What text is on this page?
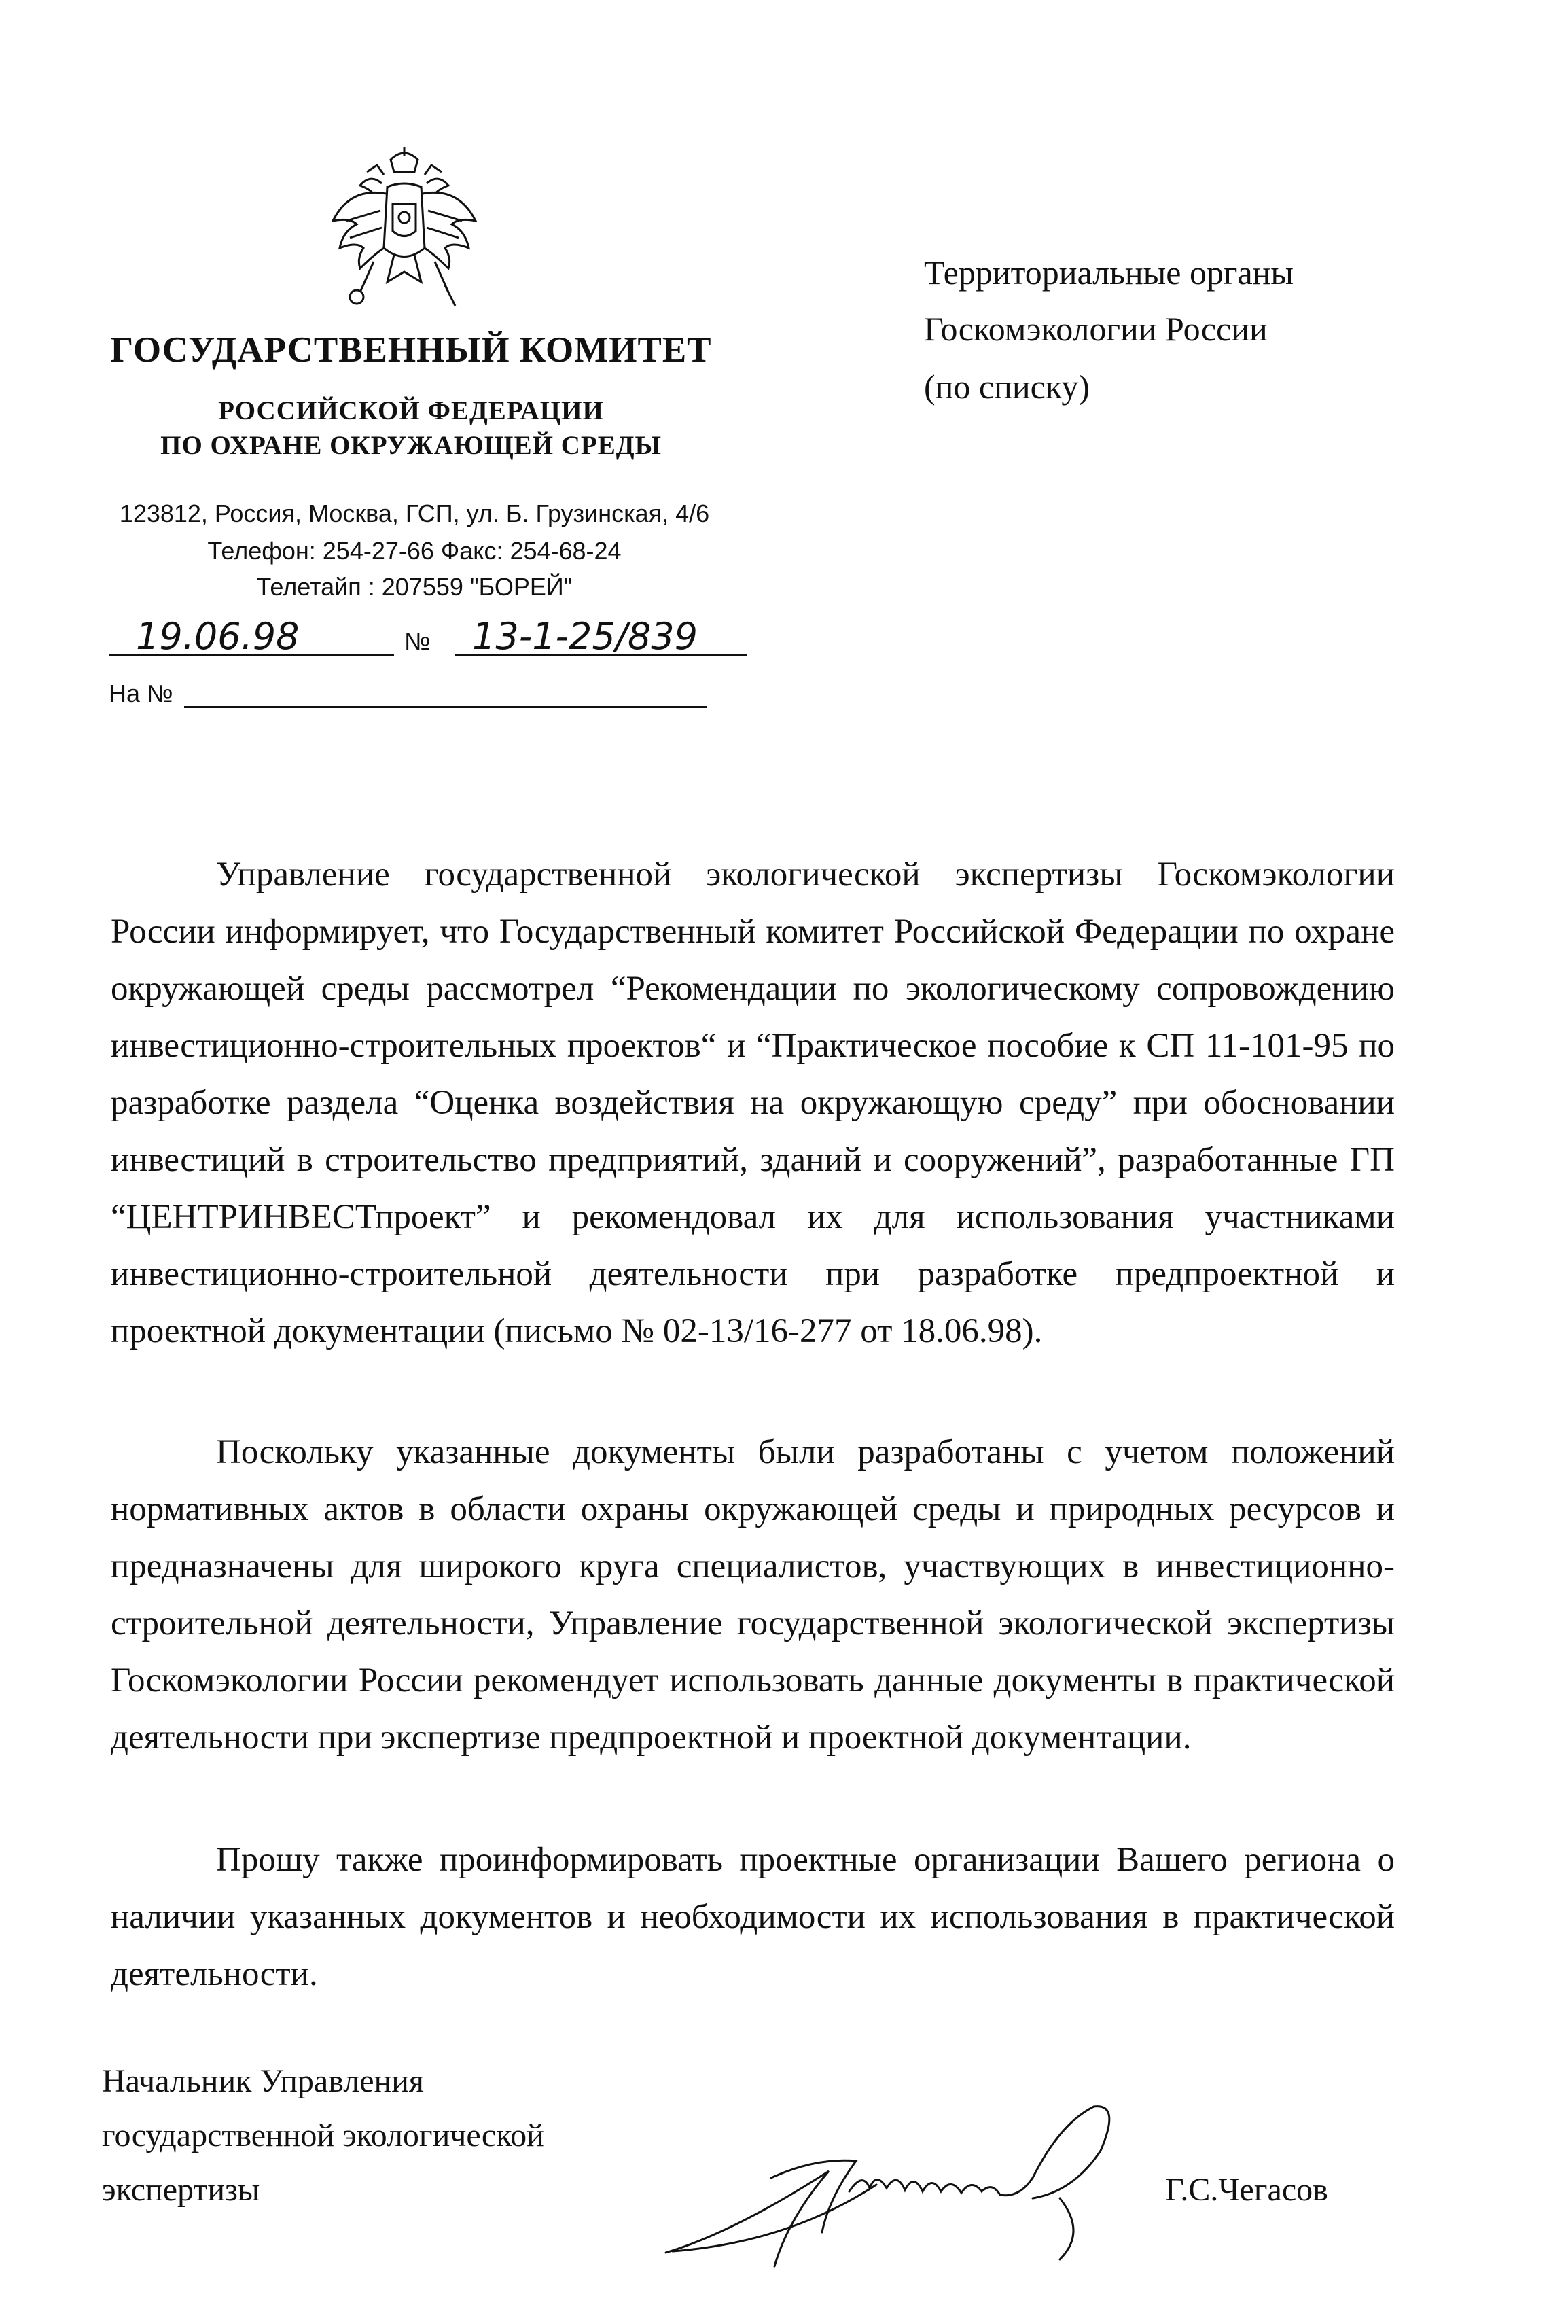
ГОСУДАРСТВЕННЫЙ КОМИТЕТ
РОССИЙСКОЙ ФЕДЕРАЦИИ
ПО ОХРАНЕ ОКРУЖАЮЩЕЙ СРЕДЫ
123812, Россия, Москва, ГСП, ул. Б. Грузинская, 4/6
Телефон: 254-27-66 Факс: 254-68-24
Телетайп : 207559 "БОРЕЙ"
19.06.98	№ 13-1-25/839
На №
Территориальные органы
Госкомэкологии России
(по списку)
Управление государственной экологической экспертизы Госкомэкологии России информирует, что Государственный комитет Российской Федерации по охране окружающей среды рассмотрел “Рекомендации по экологическому сопровождению инвестиционно-строительных проектов“ и “Практическое пособие к СП 11-101-95 по разработке раздела “Оценка воздействия на окружающую среду” при обосновании инвестиций в строительство предприятий, зданий и сооружений”, разработанные ГП “ЦЕНТРИНВЕСТпроект” и рекомендовал их для использования участниками инвестиционно-строительной деятельности при разработке предпроектной и проектной документации (письмо № 02-13/16-277 от 18.06.98).
Поскольку указанные документы были разработаны с учетом положений нормативных актов в области охраны окружающей среды и природных ресурсов и предназначены для широкого круга специалистов, участвующих в инвестиционно-строительной деятельности, Управление государственной экологической экспертизы Госкомэкологии России рекомендует использовать данные документы в практической деятельности при экспертизе предпроектной и проектной документации.
Прошу также проинформировать проектные организации Вашего региона о наличии указанных документов и необходимости их использования в практической деятельности.
Начальник Управления
государственной экологической
экспертизы	Г.С.Чегасов
